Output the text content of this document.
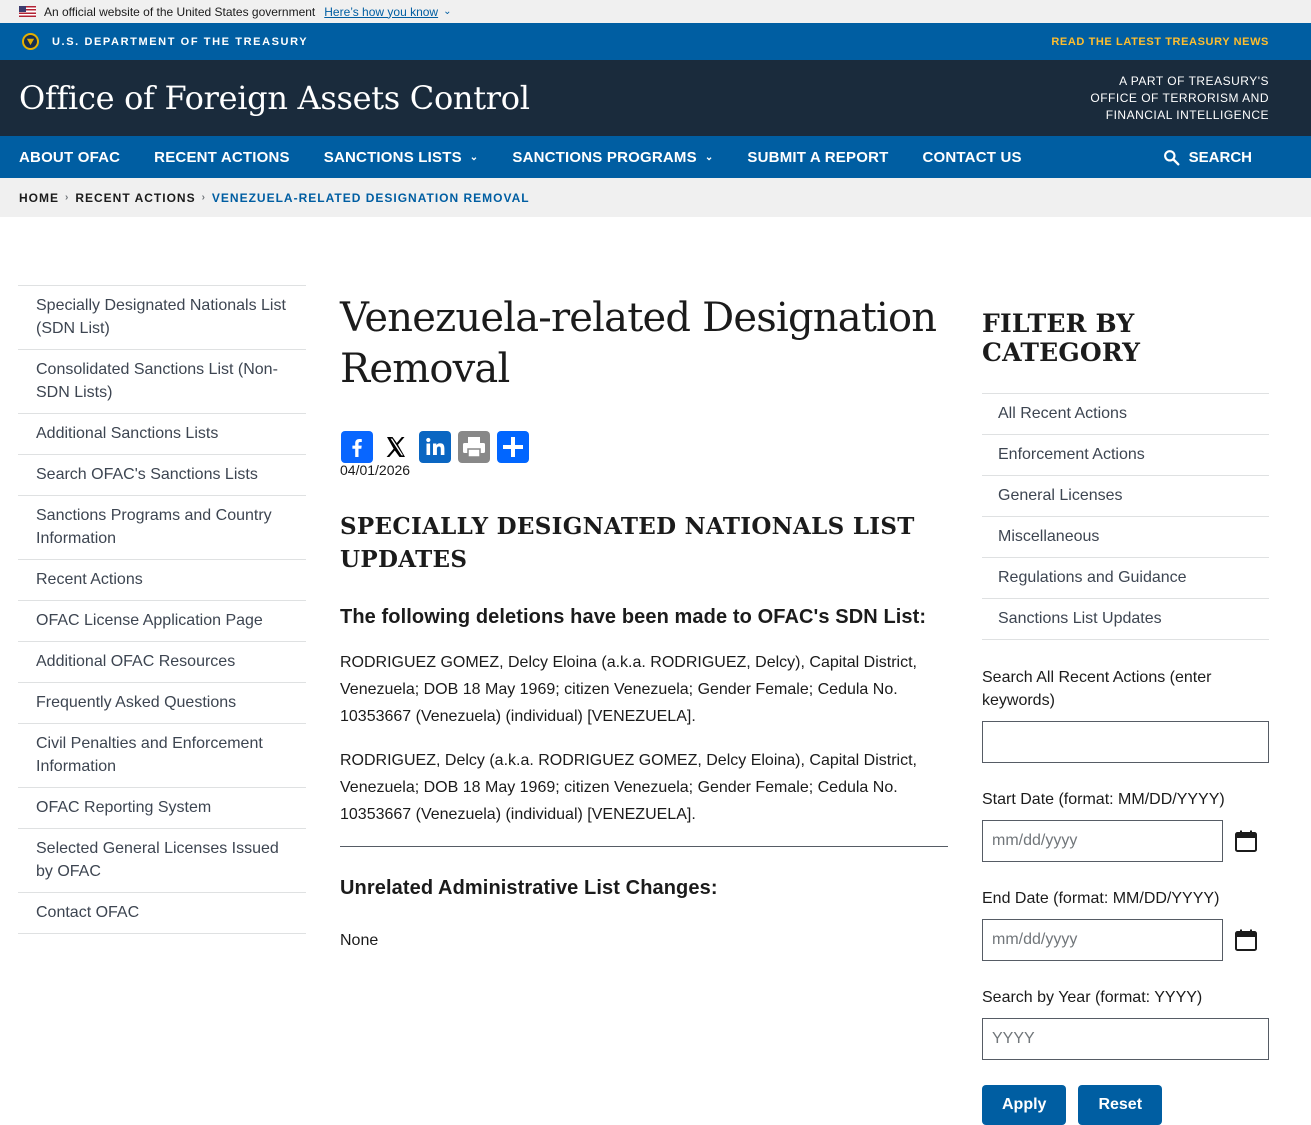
An official website of the United States government Here’s how you know ⌄
U.S. DEPARTMENT OF THE TREASURY	READ THE LATEST TREASURY NEWS
Office of Foreign Assets Control	A PART OF TREASURY'S
OFFICE OF TERRORISM AND
FINANCIAL INTELLIGENCE
ABOUT OFAC RECENT ACTIONS SANCTIONS LISTS ⌄ SANCTIONS PROGRAMS ⌄ SUBMIT A REPORT CONTACT US	SEARCH
HOME › RECENT ACTIONS › VENEZUELA-RELATED DESIGNATION REMOVAL
Specially Designated Nationals List (SDN List)
Consolidated Sanctions List (Non-SDN Lists)
Additional Sanctions Lists
Search OFAC's Sanctions Lists
Sanctions Programs and Country Information
Recent Actions
OFAC License Application Page
Additional OFAC Resources
Frequently Asked Questions
Civil Penalties and Enforcement Information
OFAC Reporting System
Selected General Licenses Issued by OFAC
Contact OFAC
Venezuela-related Designation Removal
04/01/2026
SPECIALLY DESIGNATED NATIONALS LIST UPDATES
The following deletions have been made to OFAC's SDN List:

RODRIGUEZ GOMEZ, Delcy Eloina (a.k.a. RODRIGUEZ, Delcy), Capital District, Venezuela; DOB 18 May 1969; citizen Venezuela; Gender Female; Cedula No. 10353667 (Venezuela) (individual) [VENEZUELA].

RODRIGUEZ, Delcy (a.k.a. RODRIGUEZ GOMEZ, Delcy Eloina), Capital District, Venezuela; DOB 18 May 1969; citizen Venezuela; Gender Female; Cedula No. 10353667 (Venezuela) (individual) [VENEZUELA].

Unrelated Administrative List Changes:

None

FILTER BY CATEGORY
All Recent Actions
Enforcement Actions
General Licenses
Miscellaneous
Regulations and Guidance
Sanctions List Updates
Search All Recent Actions (enter keywords)
Start Date (format: MM/DD/YYYY)
mm/dd/yyyy
End Date (format: MM/DD/YYYY)
mm/dd/yyyy
Search by Year (format: YYYY)
YYYY
Apply	Reset
